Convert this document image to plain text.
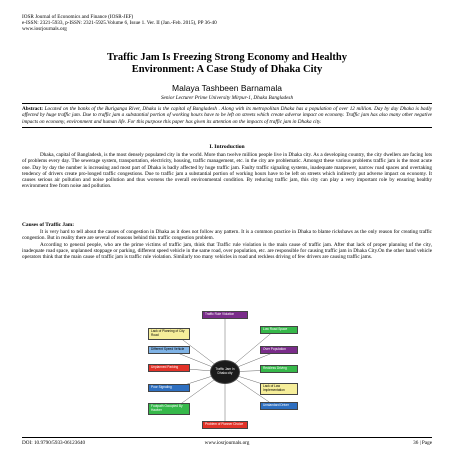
IOSR Journal of Economics and Finance (IOSR-JEF)
e-ISSN: 2321-5933, p-ISSN: 2321-5925.Volume 6, Issue 1. Ver. II (Jan.-Feb. 2015), PP 36-40
www.iosrjournals.org
Traffic Jam Is Freezing Strong Economy and Healthy
Environment: A Case Study of Dhaka City
Malaya Tashbeen Barnamala
Senior Lecturer Prime University Mirpur-1, Dhaka Bangladesh
Abstract: Located on the banks of the Buriganga River, Dhaka is the capital of Bangladesh . Along with its metropolitan Dhaka has a population of over 12 million. Day by day Dhaka is badly affected by huge traffic jam. Due to traffic jam a substantial portion of working hours have to be left on streets which create adverse impact on economy. Traffic jam has also many other negative impacts on economy, environment and human life. For this purpose this paper has given its attention on the impacts of traffic jam in Dhaka city.
I. Introduction

Dhaka, capital of Bangladesh, is the most densely populated city in the world. More than twelve million people live in Dhaka city. As a developing country, the city dwellers are facing lots of problems every day. The sewerage system, transportation, electricity, housing, traffic management, etc. in the city are problematic. Amongst these various problems traffic jam is the most acute one. Day by day the number is increasing and most part of Dhaka is badly affected by huge traffic jam. Faulty traffic signaling systems, inadequate manpower, narrow road spaces and overtaking tendency of drivers create pro-longed traffic congestions. Due to traffic jam a substantial portion of working hours have to be left on streets which indirectly put adverse impact on economy. It causes serious air pollution and noise pollution and thus worsens the overall environmental condition. By reducing traffic jam, this city can play a very important role by ensuring healthy environment free from noise and pollution.

Causes of Traffic Jam:

It is very hard to tell about the causes of congestion in Dhaka as it does not follow any pattern. It is a common practice in Dhaka to blame rickshaws as the only reason for creating traffic congestion. But in reality there are several of reasons behind this traffic congestion problem.

According to general people, who are the prime victims of traffic jam, think that Traffic rule violation is the main cause of traffic jam. After that lack of proper planning of the city, inadequate road space, unplanned stoppage or parking, different speed vehicle in the same road, over population, etc. are responsible for causing traffic jam in Dhaka City.On the other hand vehicle operators think that the main cause of traffic jam is traffic rule violation. Similarly too many vehicles in road and reckless driving of few drivers are causing traffic jams.

Traffic Rule Violation
Low Road Space
Lack of Planning of City Road
Over Population
Different Speed Vehicle
Unplanned Parking	Reckless Driving
Traffic Jam In Dhaka city
Lack of Law Implementation
Poor Signaling
Unstandard Driver
Footpath Occupied By Hawker
Problem of Planner Choice
DOI: 10.9790/5933-06123640	www.iosrjournals.org	36 | Page
